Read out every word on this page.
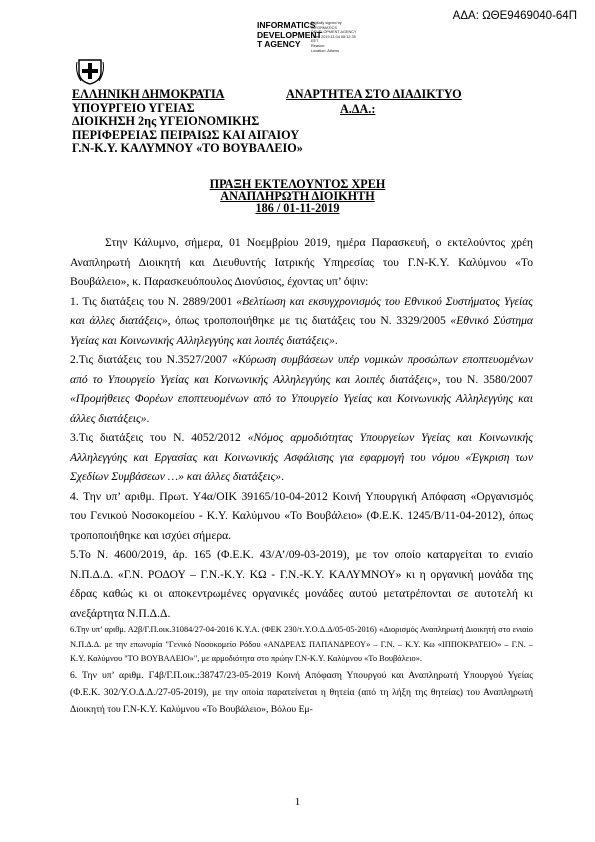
ΑΔΑ: ΩΘΕ9469040-64Π
INFORMATICS
DEVELOPMENT
T AGENCY
Digitally signed by
INFORMATICS
DEVELOPMENT AGENCY
Date: 2019.11.04 08:12:39
EET
Reason:
Location: Athens
ΕΛΛΗΝΙΚΗ ΔΗΜΟΚΡΑΤΙΑ
ΥΠΟΥΡΓΕΙΟ ΥΓΕΙΑΣ
ΔΙΟΙΚΗΣΗ 2ης ΥΓΕΙΟΝΟΜΙΚΗΣ
ΠΕΡΙΦΕΡΕΙΑΣ ΠΕΙΡΑΙΩΣ ΚΑΙ ΑΙΓΑΙΟΥ
Γ.Ν-Κ.Υ. ΚΑΛΥΜΝΟΥ «ΤΟ ΒΟΥΒΑΛΕΙΟ»
ΑΝΑΡΤΗΤΕΑ ΣΤΟ ΔΙΑΔΙΚΤΥΟ
Α.ΔΑ.:
ΠΡΑΞΗ ΕΚΤΕΛΟΥΝΤΟΣ ΧΡΕΗ
ΑΝΑΠΛΗΡΩΤΗ ΔΙΟΙΚΗΤΗ
186 / 01-11-2019

Στην Κάλυμνο, σήμερα, 01 Νοεμβρίου 2019, ημέρα Παρασκευή, ο εκτελούντος χρέη Αναπληρωτή Διοικητή και Διευθυντής Ιατρικής Υπηρεσίας του Γ.Ν-Κ.Υ. Καλύμνου «Το Βουβάλειο», κ. Παρασκευόπουλος Διονύσιος, έχοντας υπ’ όψιν:

1. Τις διατάξεις του Ν. 2889/2001 «Βελτίωση και εκσυγχρονισμός του Εθνικού Συστήματος Υγείας και άλλες διατάξεις», όπως τροποποιήθηκε με τις διατάξεις του Ν. 3329/2005 «Εθνικό Σύστημα Υγείας και Κοινωνικής Αλληλεγγύης και λοιπές διατάξεις».

2.Τις διατάξεις του Ν.3527/2007 «Κύρωση συμβάσεων υπέρ νομικών προσώπων εποπτευομένων από το Υπουργείο Υγείας και Κοινωνικής Αλληλεγγύης και λοιπές διατάξεις», του Ν. 3580/2007 «Προμήθειες Φορέων εποπτευομένων από το Υπουργείο Υγείας και Κοινωνικής Αλληλεγγύης και άλλες διατάξεις».

3.Τις διατάξεις του Ν. 4052/2012 «Νόμος αρμοδιότητας Υπουργείων Υγείας και Κοινωνικής Αλληλεγγύης και Εργασίας και Κοινωνικής Ασφάλισης για εφαρμογή του νόμου «Έγκριση των Σχεδίων Συμβάσεων …» και άλλες διατάξεις».

4. Την υπ’ αριθμ. Πρωτ. Υ4α/ΟΙΚ 39165/10-04-2012 Κοινή Υπουργική Απόφαση «Οργανισμός του Γενικού Νοσοκομείου - Κ.Υ. Καλύμνου «Το Βουβάλειο» (Φ.Ε.Κ. 1245/Β/11-04-2012), όπως τροποποιήθηκε και ισχύει σήμερα.

5.Το Ν. 4600/2019, άρ. 165 (Φ.Ε.Κ. 43/Α’/09-03-2019), με τον οποίο καταργείται το ενιαίο Ν.Π.Δ.Δ. «Γ.Ν. ΡΟΔΟΥ – Γ.Ν.-Κ.Υ. ΚΩ - Γ.Ν.-Κ.Υ. ΚΑΛΥΜΝΟΥ» κι η οργανική μονάδα της έδρας καθώς κι οι αποκεντρωμένες οργανικές μονάδες αυτού μετατρέπονται σε αυτοτελή κι ανεξάρτητα Ν.Π.Δ.Δ.

6.Την υπ’ αριθμ. Α2β/Γ.Π.οικ.31084/27-04-2016 Κ.Υ.Α. (ΦΕΚ 230/τ.Υ.Ο.Δ.Δ/05-05-2016) «Διορισμός Αναπληρωτή Διοικητή στο ενιαίο Ν.Π.Δ.Δ. με την επωνυμία "Γενικό Νοσοκομείο Ρόδου «ΑΝΔΡΕΑΣ ΠΑΠΑΝΔΡΕΟΥ» – Γ.Ν. – Κ.Υ. Κω «ΙΠΠΟΚΡΑΤΕΙΟ» – Γ.Ν. – Κ.Υ. Καλύμνου "ΤΟ ΒΟΥΒΑΛΕΙΟ»", με αρμοδιότητα στο πρώην Γ.Ν-Κ.Υ. Καλύμνου «Το Βουβάλειο».

6. Την υπ’ αριθμ. Γ4β/Γ.Π.οικ.:38747/23-05-2019 Κοινή Απόφαση Υπουργού και Αναπληρωτή Υπουργού Υγείας (Φ.Ε.Κ. 302/Υ.Ο.Δ.Δ./27-05-2019), με την οποία παρατείνεται η θητεία (από τη λήξη της θητείας) του Αναπληρωτή Διοικητή του Γ.Ν-Κ.Υ. Καλύμνου «Το Βουβάλειο», Βόλου Εμ-

1
